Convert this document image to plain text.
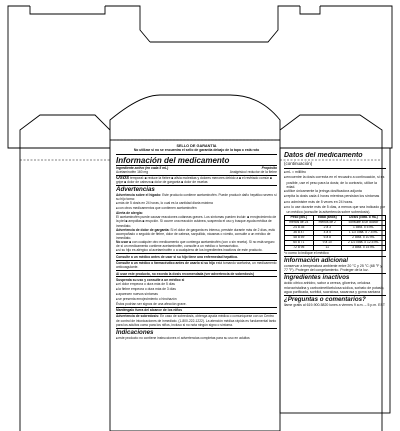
SELLO DE GARANTÍA
No utilizar si no se encuentra el sello de garantía debajo de la tapa o está roto
Información del medicamento
Ingrediente activo (en cada 5 mL)	Propósito
Acetaminofén 160 mg	Analgésico/ reductor de la fiebre
Usos temporal: ■ reduce la fiebre ■ alivia molestias y dolores menores debido a ■ el resfriado común ■ gripe ■ dolor de cabeza ■ dolor de garganta ■ dolor de muelas
Advertencias
Advertencia sobre el hígado: Este producto contiene acetaminofén. Puede producir daño hepático severo si su hijo toma:
■ más de 5 dosis en 24 horas, lo cual es la cantidad diaria máxima
■ con otros medicamentos que contienen acetaminofén
Alerta de alergia:
El acetaminofén puede causar reacciones cutáneas graves. Los síntomas pueden incluir: ■ enrojecimiento de la piel ■ ampollas ■ erupción. Si ocurre una reacción cutánea, suspenda el uso y busque ayuda médica de inmediato.
Advertencia de dolor de garganta: Si el dolor de garganta es intenso, persiste durante más de 2 días, está acompañado o seguido de fiebre, dolor de cabeza, sarpullido, náuseas o vómito, consulte a un médico de inmediato.
No usar ■ con cualquier otro medicamento que contenga acetaminofén (con o sin receta). Si no está seguro de si un medicamento contiene acetaminofén, consulte a un médico o farmacéutico.
■ si su hijo es alérgico al acetaminofén o a cualquiera de los ingredientes inactivos de este producto.
Consulte a un médico antes de usar si su hijo tiene una enfermedad hepática.
Consulte a un médico o farmacéutico antes de usarlo si su hijo está tomando warfarina, un medicamento anticoagulante.
Al usar este producto, no exceda la dosis recomendada (ver advertencia de sobredosis)
Suspenda su uso y consulte a un médico si
■ el dolor empeora o dura más de 5 días
■ la fiebre empeora o dura más de 3 días
■ aparecen nuevos síntomas
■ se presenta enrojecimiento o hinchazón
Éstos podrían ser signos de una afección grave.
Manténgalo fuera del alcance de los niños
Advertencia de sobredosis: En caso de sobredosis, obtenga ayuda médica o comuníquese con un Centro de control de intoxicaciones de inmediato. (1-800-222-1222). La atención médica rápida es fundamental tanto para los adultos como para los niños, incluso si no nota ningún signo o síntoma.
Indicaciones
■ este producto no contiene instrucciones ni advertencias completas para su uso en adultos
Datos del medicamento (continuación)
■ mL = mililitro
■ encuentre la dosis correcta en el recuadro a continuación, si es posible, use el peso para la dosis; de lo contrario, utilice la edad.
■ utilice únicamente la jeringa dosificadora adjunta
■ repita la dosis cada 4 horas mientras persistan los síntomas
■ no administre más de 5 veces en 24 horas.
■ no lo use durante más de 5 días, a menos que sea indicado por un médico (consulte la advertencia sobre sobredosis).
Peso (lbs.)	Edad (años)	Dosis (cdta. o mL)
menos de 24	menos de 2	consulte a un doctor
24 a 35	2 a 3	1 cdta. o 5 mL
36 a 47	4 a 5	1 1/2 cdta. o 7.5 mL
48 a 59	6 a 8	2 cdta. o 10 mL
60 a 71	9 a 10	2 1/2 cdta. o 12.5 mL
72 a 95	11	3 cdta. o 15 mL
*o como lo indique el médico
Información adicional
conservar a temperatura ambiente entre 20 °C y 25 °C (68 °F y 77 °F). Proteger del congelamiento. Proteger de la luz.
Ingredientes inactivos
ácido cítrico anhidro, sabor a cereza, glicerina, celulosa microcristalina y carboximetilcelulosa sódica, sorbato de potasio, agua purificada, sorbitol, sucralosa, sacarosa y goma xantana
¿Preguntas o comentarios?
llame gratis al 619-900-5820 lunes a viernes 9 a.m. – 5 p.m. EST
